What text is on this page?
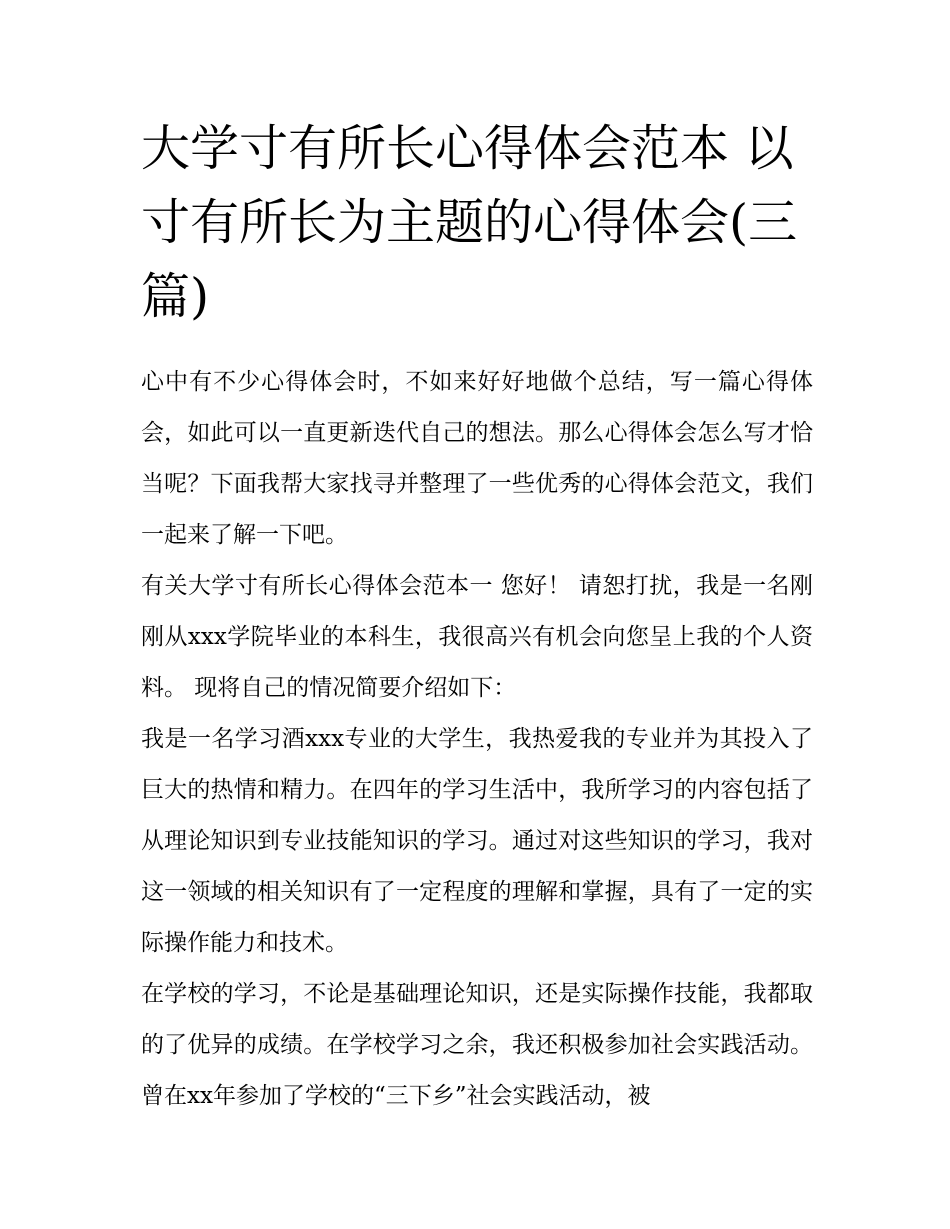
大学寸有所长心得体会范本 以寸有所长为主题的心得体会(三篇)

心中有不少心得体会时，不如来好好地做个总结，写一篇心得体会，如此可以一直更新迭代自己的想法。那么心得体会怎么写才恰当呢？下面我帮大家找寻并整理了一些优秀的心得体会范文，我们一起来了解一下吧。

有关大学寸有所长心得体会范本一 您好！ 请恕打扰，我是一名刚刚从xxx学院毕业的本科生，我很高兴有机会向您呈上我的个人资料。 现将自己的情况简要介绍如下：

我是一名学习酒xxx专业的大学生，我热爱我的专业并为其投入了巨大的热情和精力。在四年的学习生活中，我所学习的内容包括了从理论知识到专业技能知识的学习。通过对这些知识的学习，我对这一领域的相关知识有了一定程度的理解和掌握，具有了一定的实际操作能力和技术。

在学校的学习，不论是基础理论知识，还是实际操作技能，我都取的了优异的成绩。在学校学习之余，我还积极参加社会实践活动。曾在xx年参加了学校的“三下乡”社会实践活动，被
